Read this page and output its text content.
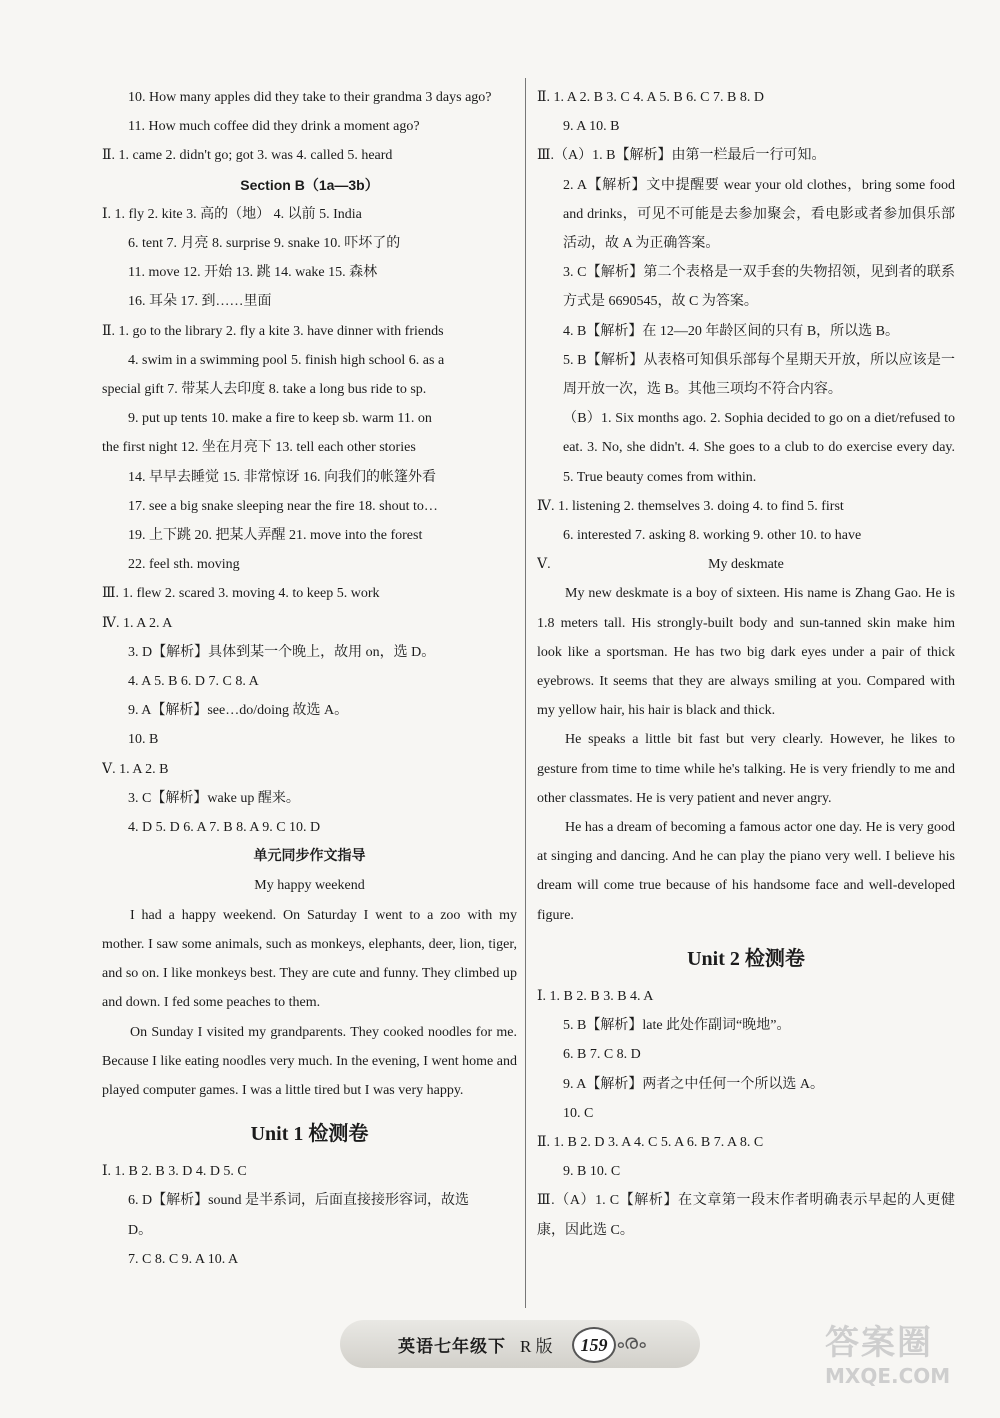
10. How many apples did they take to their grandma 3 days ago?
11. How much coffee did they drink a moment ago?
Ⅱ. 1. came 2. didn't go; got 3. was 4. called 5. heard
Section B（1a—3b）
Ⅰ. 1. fly 2. kite 3. 高的（地） 4. 以前 5. India
6. tent 7. 月亮 8. surprise 9. snake 10. 吓坏了的
11. move 12. 开始 13. 跳 14. wake 15. 森林
16. 耳朵 17. 到……里面
Ⅱ. 1. go to the library 2. fly a kite 3. have dinner with friends
4. swim in a swimming pool 5. finish high school 6. as a
special gift 7. 带某人去印度 8. take a long bus ride to sp.
9. put up tents 10. make a fire to keep sb. warm 11. on
the first night 12. 坐在月亮下 13. tell each other stories
14. 早早去睡觉 15. 非常惊讶 16. 向我们的帐篷外看
17. see a big snake sleeping near the fire 18. shout to…
19. 上下跳 20. 把某人弄醒 21. move into the forest
22. feel sth. moving
Ⅲ. 1. flew 2. scared 3. moving 4. to keep 5. work
Ⅳ. 1. A 2. A
3. D【解析】具体到某一个晚上，故用 on，选 D。
4. A 5. B 6. D 7. C 8. A
9. A【解析】see…do/doing 故选 A。
10. B
Ⅴ. 1. A 2. B
3. C【解析】wake up 醒来。
4. D 5. D 6. A 7. B 8. A 9. C 10. D
单元同步作文指导
My happy weekend
I had a happy weekend. On Saturday I went to a zoo with my mother. I saw some animals, such as monkeys, elephants, deer, lion, tiger, and so on. I like monkeys best. They are cute and funny. They climbed up and down. I fed some peaches to them.
On Sunday I visited my grandparents. They cooked noodles for me. Because I like eating noodles very much. In the evening, I went home and played computer games. I was a little tired but I was very happy.
Unit 1 检测卷
Ⅰ. 1. B 2. B 3. D 4. D 5. C
6. D【解析】sound 是半系词，后面直接接形容词，故选
D。
7. C 8. C 9. A 10. A
Ⅱ. 1. A 2. B 3. C 4. A 5. B 6. C 7. B 8. D
9. A 10. B
Ⅲ.（A）1. B【解析】由第一栏最后一行可知。
2. A【解析】文中提醒要 wear your old clothes，bring some food and drinks，可见不可能是去参加聚会，看电影或者参加俱乐部活动，故 A 为正确答案。
3. C【解析】第二个表格是一双手套的失物招领，见到者的联系方式是 6690545，故 C 为答案。
4. B【解析】在 12—20 年龄区间的只有 B，所以选 B。
5. B【解析】从表格可知俱乐部每个星期天开放，所以应该是一周开放一次，选 B。其他三项均不符合内容。
（B）1. Six months ago. 2. Sophia decided to go on a diet/refused to eat. 3. No, she didn't. 4. She goes to a club to do exercise every day. 5. True beauty comes from within.
Ⅳ. 1. listening 2. themselves 3. doing 4. to find 5. first
6. interested 7. asking 8. working 9. other 10. to have
Ⅴ.	My deskmate
My new deskmate is a boy of sixteen. His name is Zhang Gao. He is 1.8 meters tall. His strongly-built body and sun-tanned skin make him look like a sportsman. He has two big dark eyes under a pair of thick eyebrows. It seems that they are always smiling at you. Compared with my yellow hair, his hair is black and thick.
He speaks a little bit fast but very clearly. However, he likes to gesture from time to time while he's talking. He is very friendly to me and other classmates. He is very patient and never angry.
He has a dream of becoming a famous actor one day. He is very good at singing and dancing. And he can play the piano very well. I believe his dream will come true because of his handsome face and well-developed figure.
Unit 2 检测卷
Ⅰ. 1. B 2. B 3. B 4. A
5. B【解析】late 此处作副词“晚地”。
6. B 7. C 8. D
9. A【解析】两者之中任何一个所以选 A。
10. C
Ⅱ. 1. B 2. D 3. A 4. C 5. A 6. B 7. A 8. C
9. B 10. C
Ⅲ.（A）1. C【解析】在文章第一段末作者明确表示早起的人更健康，因此选 C。
英语七年级下 R 版	159 ൟ	答案圈
MXQE.COM
